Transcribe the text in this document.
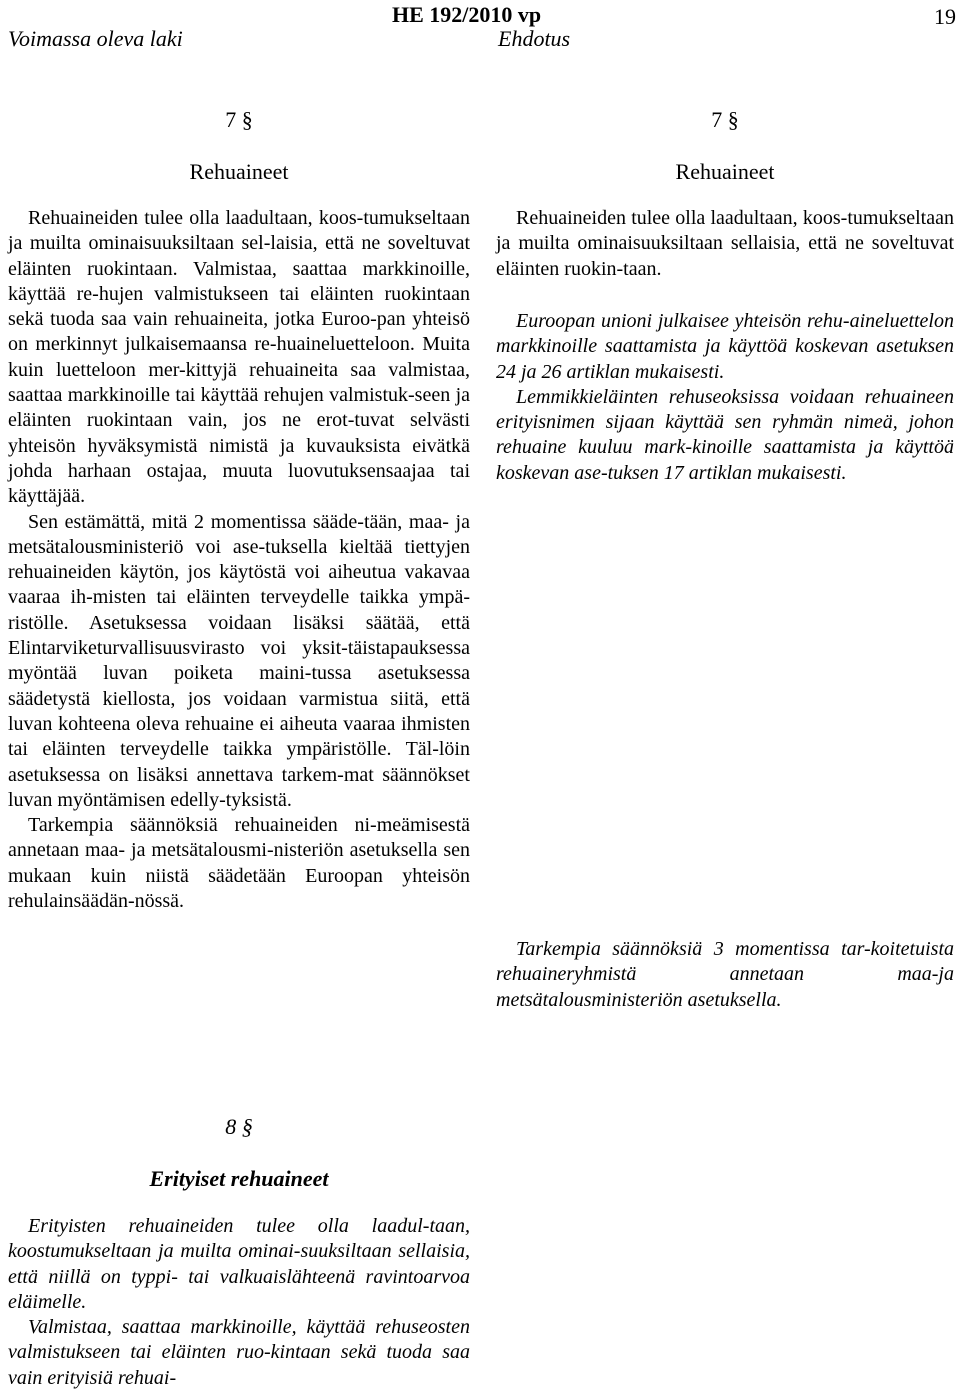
Voimassa oleva laki
HE 192/2010 vp
Ehdotus
19
7 §
Rehuaineet

Rehuaineiden tulee olla laadultaan, koos-tumukseltaan ja muilta ominaisuuksiltaan sel-laisia, että ne soveltuvat eläinten ruokintaan. Valmistaa, saattaa markkinoille, käyttää re-hujen valmistukseen tai eläinten ruokintaan sekä tuoda saa vain rehuaineita, jotka Euroo-pan yhteisö on merkinnyt julkaisemaansa re-huaineluetteloon. Muita kuin luetteloon mer-kittyjä rehuaineita saa valmistaa, saattaa markkinoille tai käyttää rehujen valmistuk-seen ja eläinten ruokintaan vain, jos ne erot-tuvat selvästi yhteisön hyväksymistä nimistä ja kuvauksista eivätkä johda harhaan ostajaa, muuta luovutuksensaajaa tai käyttäjää.

Sen estämättä, mitä 2 momentissa sääde-tään, maa- ja metsätalousministeriö voi ase-tuksella kieltää tiettyjen rehuaineiden käytön, jos käytöstä voi aiheutua vakavaa vaaraa ih-misten tai eläinten terveydelle taikka ympä-ristölle. Asetuksessa voidaan lisäksi säätää, että Elintarviketurvallisuusvirasto voi yksit-täistapauksessa myöntää luvan poiketa maini-tussa asetuksessa säädetystä kiellosta, jos voidaan varmistua siitä, että luvan kohteena oleva rehuaine ei aiheuta vaaraa ihmisten tai eläinten terveydelle taikka ympäristölle. Täl-löin asetuksessa on lisäksi annettava tarkem-mat säännökset luvan myöntämisen edelly-tyksistä.

Tarkempia säännöksiä rehuaineiden ni-meämisestä annetaan maa- ja metsätalousmi-nisteriön asetuksella sen mukaan kuin niistä säädetään Euroopan yhteisön rehulainsäädän-nössä.

8 §
Erityiset rehuaineet

Erityisten rehuaineiden tulee olla laadul-taan, koostumukseltaan ja muilta ominai-suuksiltaan sellaisia, että niillä on typpi- tai valkuaislähteenä ravintoarvoa eläimelle.

Valmistaa, saattaa markkinoille, käyttää rehuseosten valmistukseen tai eläinten ruo-kintaan sekä tuoda saa vain erityisiä rehuai-

7 §
Rehuaineet

Rehuaineiden tulee olla laadultaan, koos-tumukseltaan ja muilta ominaisuuksiltaan sellaisia, että ne soveltuvat eläinten ruokin-taan.

Euroopan unioni julkaisee yhteisön rehu-aineluettelon markkinoille saattamista ja käyttöä koskevan asetuksen 24 ja 26 artiklan mukaisesti.

Lemmikkieläinten rehuseoksissa voidaan rehuaineen erityisnimen sijaan käyttää sen ryhmän nimeä, johon rehuaine kuuluu mark-kinoille saattamista ja käyttöä koskevan ase-tuksen 17 artiklan mukaisesti.

Tarkempia säännöksiä 3 momentissa tar-koitetuista rehuaineryhmistä annetaan maa-ja metsätalousministeriön asetuksella.
